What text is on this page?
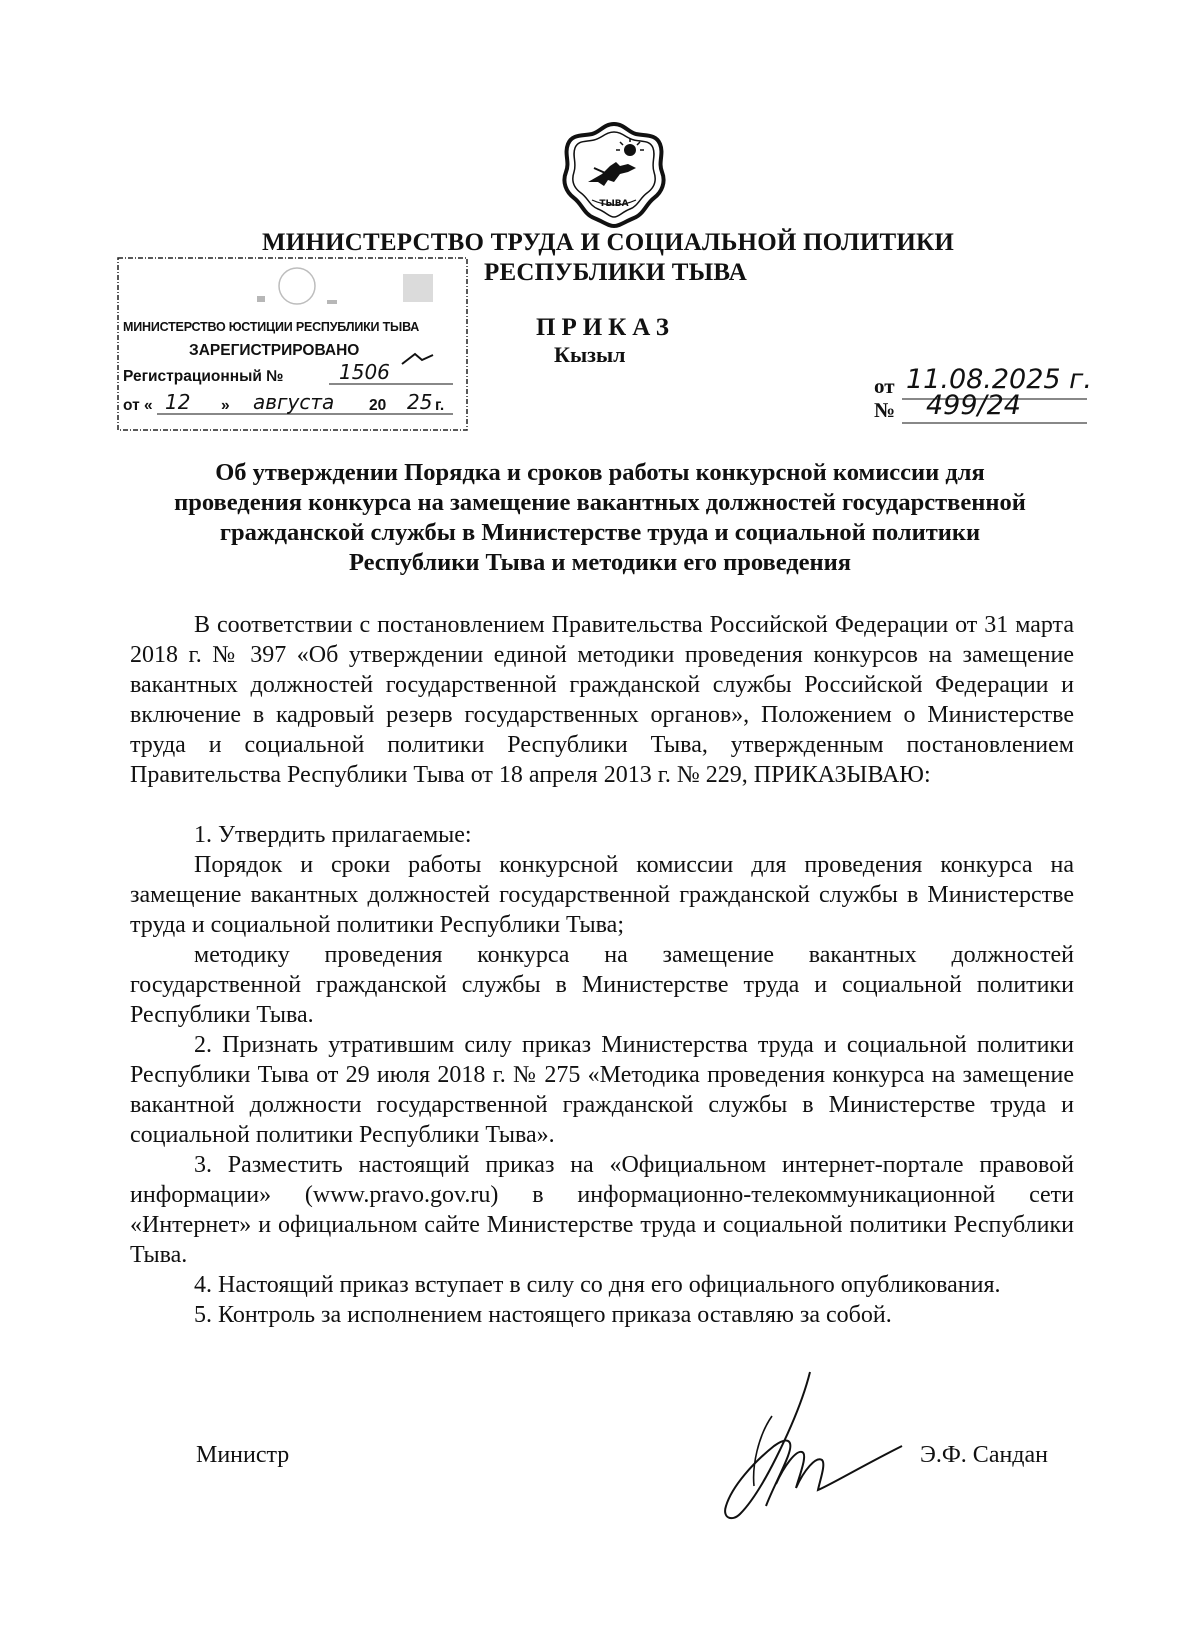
ТЫВА
МИНИСТЕРСТВО ТРУДА И СОЦИАЛЬНОЙ ПОЛИТИКИ
РЕСПУБЛИКИ ТЫВА
МИНИСТЕРСТВО ЮСТИЦИИ РЕСПУБЛИКИ ТЫВА
ЗАРЕГИСТРИРОВАНО
Регистрационный №	1506
от « 12 » августа 20 25 г.
ПРИКАЗ
Кызыл
от 11.08.2025 г.
№ 499/24
Об утверждении Порядка и сроков работы конкурсной комиссии для
проведения конкурса на замещение вакантных должностей государственной
гражданской службы в Министерстве труда и социальной политики
Республики Тыва и методики его проведения

В соответствии с постановлением Правительства Российской Федерации от 31 марта 2018 г. № 397 «Об утверждении единой методики проведения конкурсов на замещение вакантных должностей государственной гражданской службы Российской Федерации и включение в кадровый резерв государственных органов», Положением о Министерстве труда и социальной политики Республики Тыва, утвержденным постановлением Правительства Республики Тыва от 18 апреля 2013 г. № 229, ПРИКАЗЫВАЮ:

1. Утвердить прилагаемые:

Порядок и сроки работы конкурсной комиссии для проведения конкурса на замещение вакантных должностей государственной гражданской службы в Министерстве труда и социальной политики Республики Тыва;

методику проведения конкурса на замещение вакантных должностей государственной гражданской службы в Министерстве труда и социальной политики Республики Тыва.

2. Признать утратившим силу приказ Министерства труда и социальной политики Республики Тыва от 29 июля 2018 г. № 275 «Методика проведения конкурса на замещение вакантной должности государственной гражданской службы в Министерстве труда и социальной политики Республики Тыва».

3. Разместить настоящий приказ на «Официальном интернет-портале правовой информации» (www.pravo.gov.ru) в информационно-телекоммуникационной сети «Интернет» и официальном сайте Министерстве труда и социальной политики Республики Тыва.

4. Настоящий приказ вступает в силу со дня его официального опубликования.

5. Контроль за исполнением настоящего приказа оставляю за собой.

Министр	Э.Ф. Сандан
